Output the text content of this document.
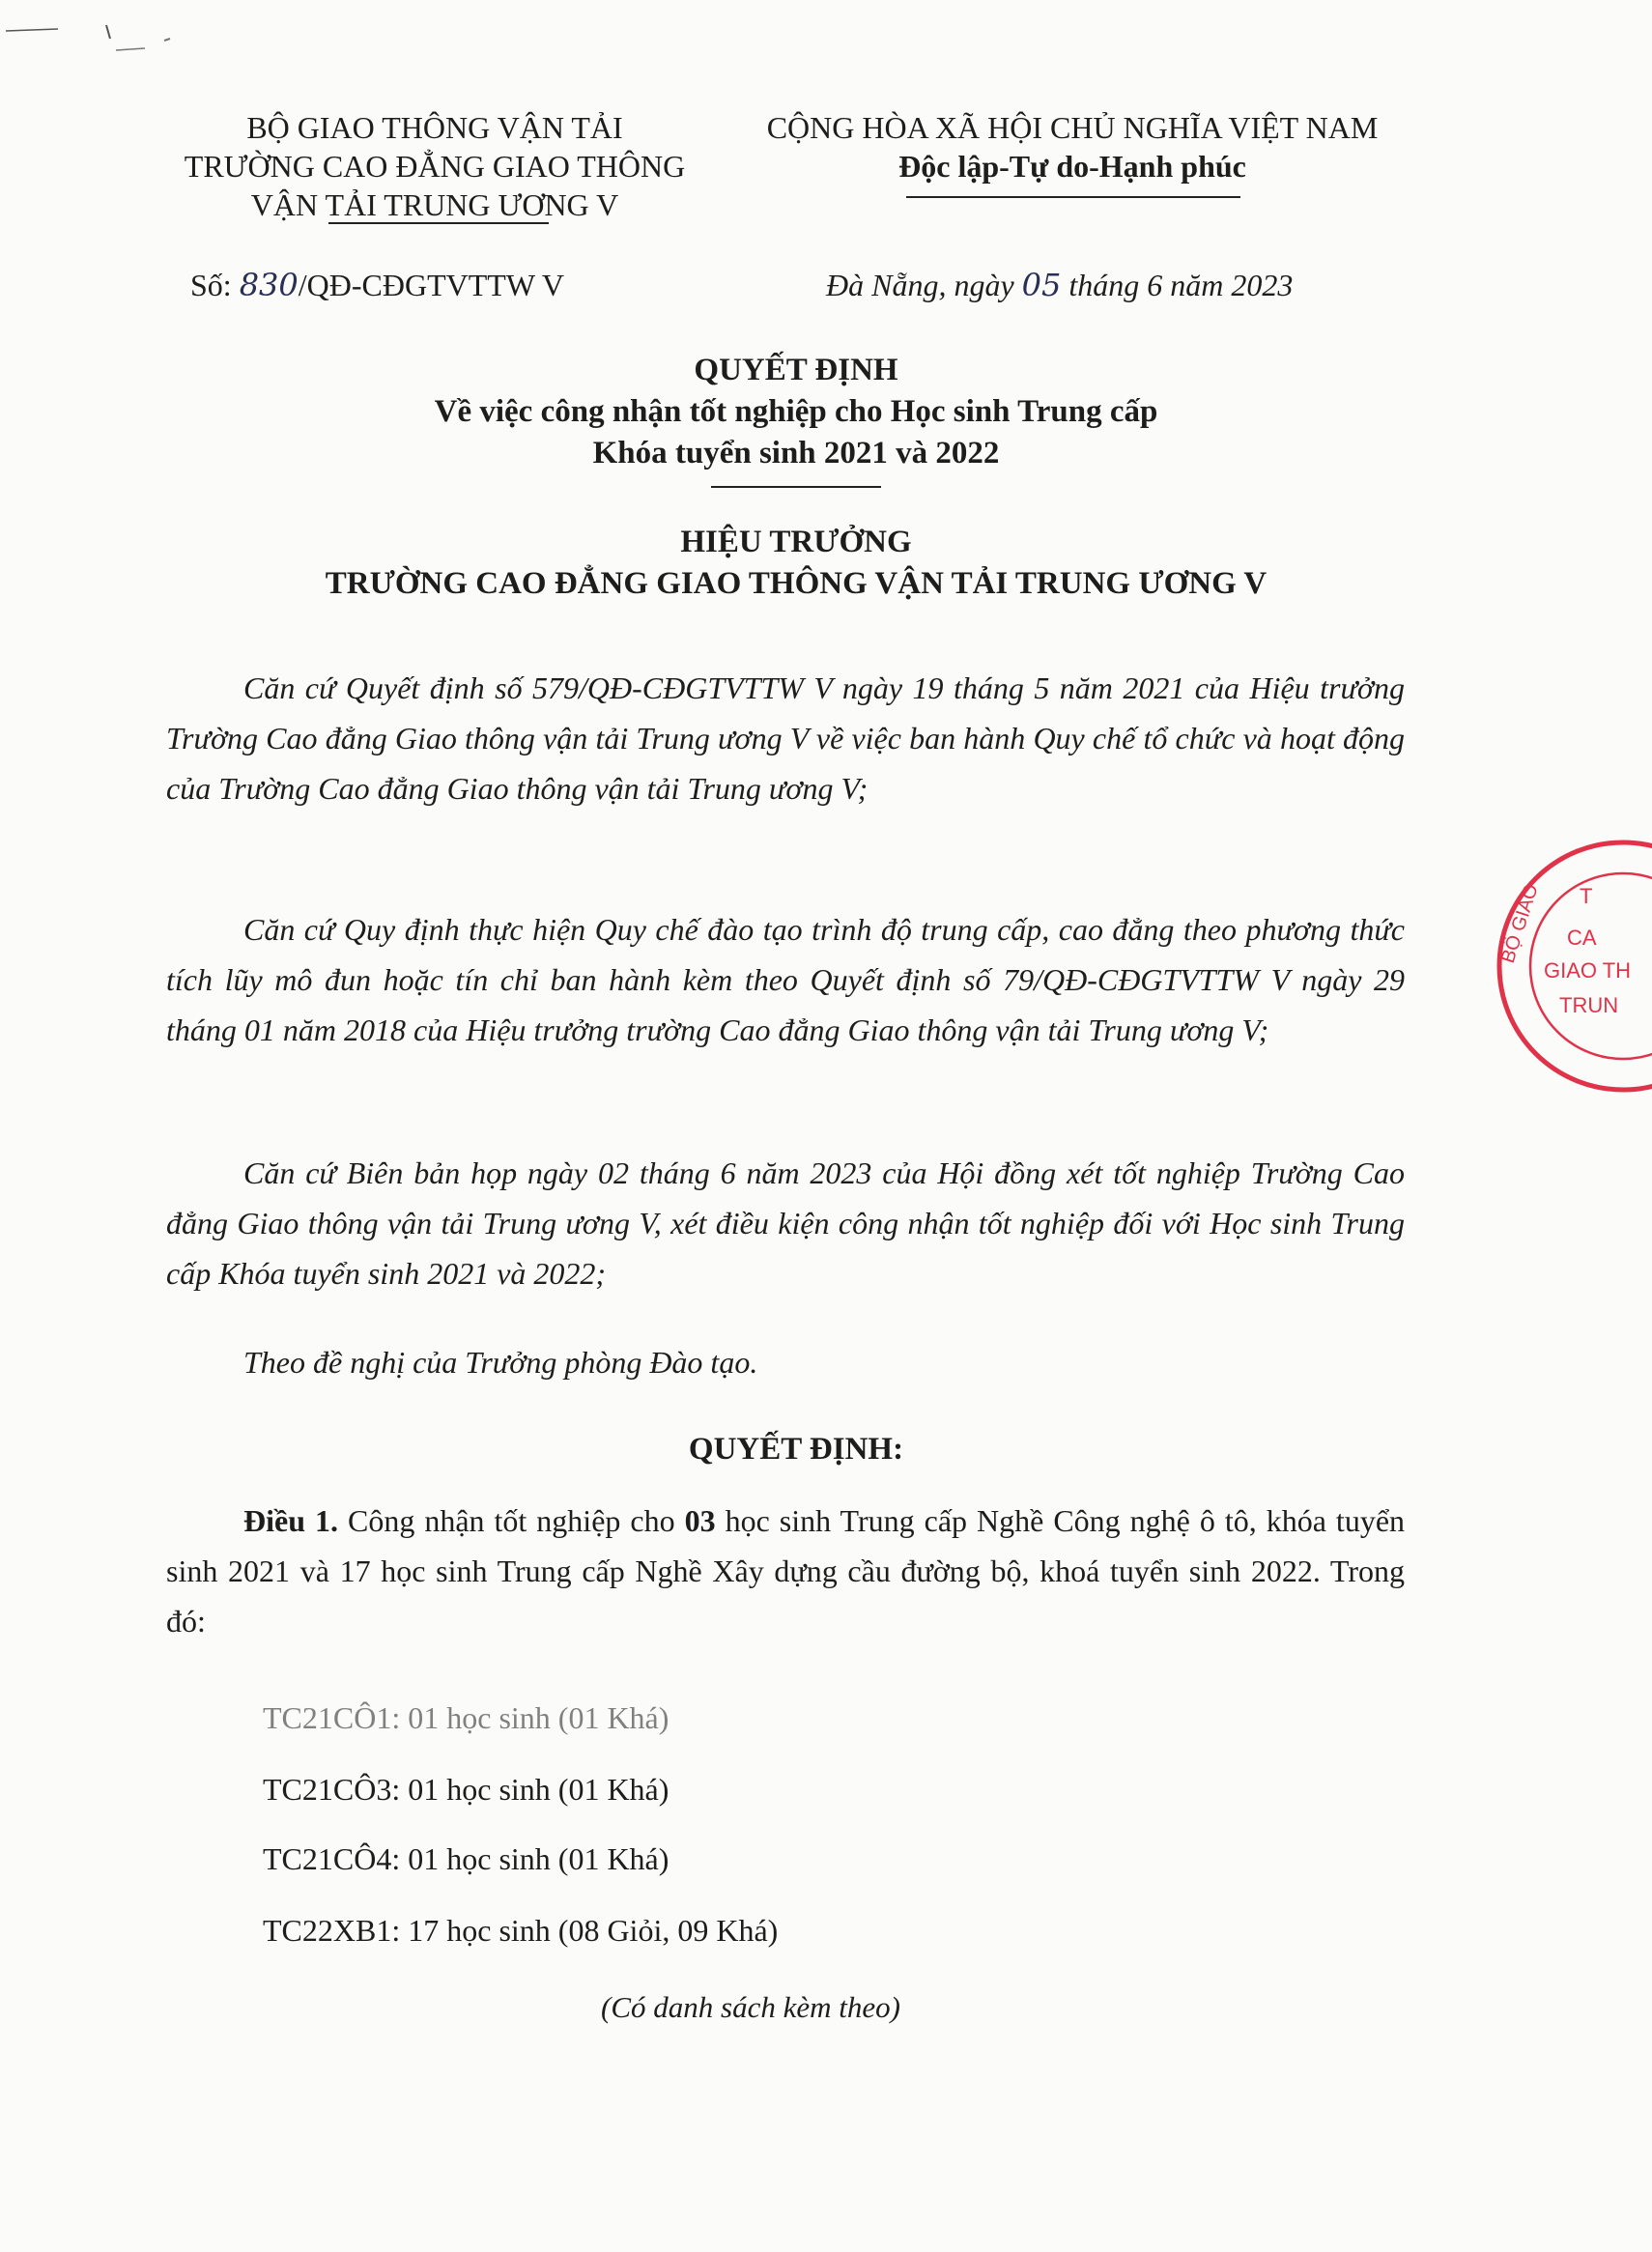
BỘ GIAO THÔNG VẬN TẢI
TRƯỜNG CAO ĐẲNG GIAO THÔNG
VẬN TẢI TRUNG ƯƠNG V
CỘNG HÒA XÃ HỘI CHỦ NGHĨA VIỆT NAM
Độc lập-Tự do-Hạnh phúc
Số: 830/QĐ-CĐGTVTTW V	Đà Nẵng, ngày 05 tháng 6 năm 2023
QUYẾT ĐỊNH
Về việc công nhận tốt nghiệp cho Học sinh Trung cấp
Khóa tuyển sinh 2021 và 2022
HIỆU TRƯỞNG
TRƯỜNG CAO ĐẲNG GIAO THÔNG VẬN TẢI TRUNG ƯƠNG V
Căn cứ Quyết định số 579/QĐ-CĐGTVTTW V ngày 19 tháng 5 năm 2021 của Hiệu trưởng Trường Cao đẳng Giao thông vận tải Trung ương V về việc ban hành Quy chế tổ chức và hoạt động của Trường Cao đẳng Giao thông vận tải Trung ương V;
Căn cứ Quy định thực hiện Quy chế đào tạo trình độ trung cấp, cao đẳng theo phương thức tích lũy mô đun hoặc tín chỉ ban hành kèm theo Quyết định số 79/QĐ-CĐGTVTTW V ngày 29 tháng 01 năm 2018 của Hiệu trưởng trường Cao đẳng Giao thông vận tải Trung ương V;
Căn cứ Biên bản họp ngày 02 tháng 6 năm 2023 của Hội đồng xét tốt nghiệp Trường Cao đẳng Giao thông vận tải Trung ương V, xét điều kiện công nhận tốt nghiệp đối với Học sinh Trung cấp Khóa tuyển sinh 2021 và 2022;
Theo đề nghị của Trưởng phòng Đào tạo.
QUYẾT ĐỊNH:
Điều 1. Công nhận tốt nghiệp cho 03 học sinh Trung cấp Nghề Công nghệ ô tô, khóa tuyển sinh 2021 và 17 học sinh Trung cấp Nghề Xây dựng cầu đường bộ, khoá tuyển sinh 2022. Trong đó:
TC21CÔ1: 01 học sinh (01 Khá)
TC21CÔ3: 01 học sinh (01 Khá)
TC21CÔ4: 01 học sinh (01 Khá)
TC22XB1: 17 học sinh (08 Giỏi, 09 Khá)
(Có danh sách kèm theo)
BỘ GIAO T
CA
GIAO TH
TRUN
